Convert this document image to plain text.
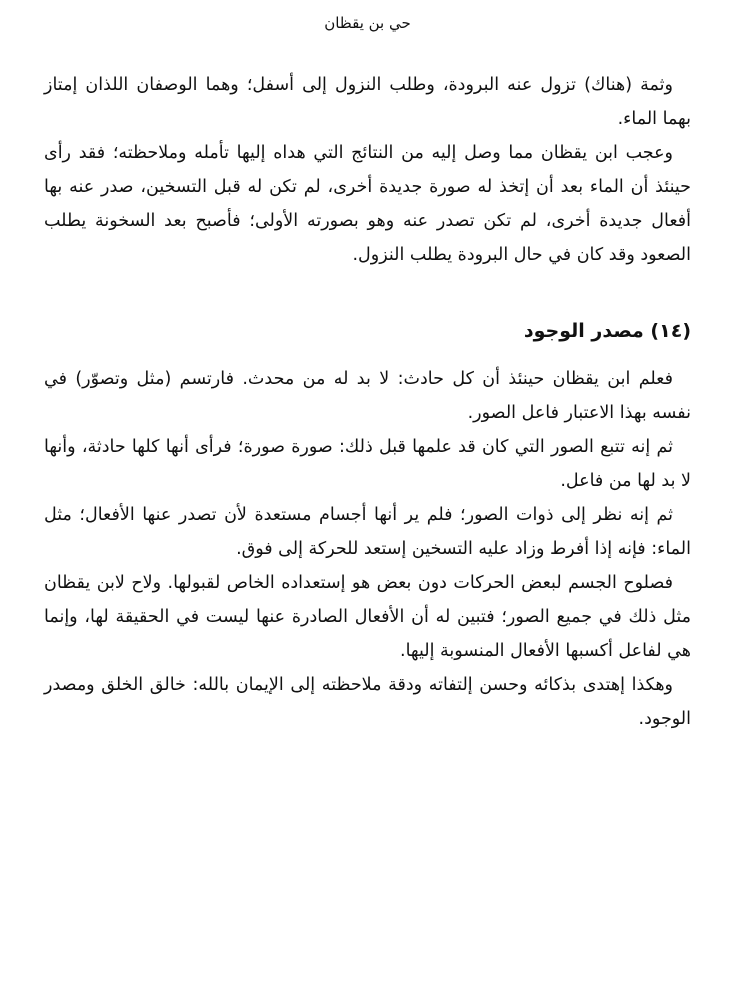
حي بن يقظان

وثمة (هناك) تزول عنه البرودة، وطلب النزول إلى أسفل؛ وهما الوصفان اللذان إمتاز بهما الماء.

وعجب ابن يقظان مما وصل إليه من النتائج التي هداه إليها تأمله وملاحظته؛ فقد رأى حينئذ أن الماء بعد أن إتخذ له صورة جديدة أخرى، لم تكن له قبل التسخين، صدر عنه بها أفعال جديدة أخرى، لم تكن تصدر عنه وهو بصورته الأولى؛ فأصبح بعد السخونة يطلب الصعود وقد كان في حال البرودة يطلب النزول.

(١٤) مصدر الوجود

فعلم ابن يقظان حينئذ أن كل حادث: لا بد له من محدث. فارتسم (مثل وتصوّر) في نفسه بهذا الاعتبار فاعل الصور.

ثم إنه تتبع الصور التي كان قد علمها قبل ذلك: صورة صورة؛ فرأى أنها كلها حادثة، وأنها لا بد لها من فاعل.

ثم إنه نظر إلى ذوات الصور؛ فلم ير أنها أجسام مستعدة لأن تصدر عنها الأفعال؛ مثل الماء: فإنه إذا أفرط وزاد عليه التسخين إستعد للحركة إلى فوق.

فصلوح الجسم لبعض الحركات دون بعض هو إستعداده الخاص لقبولها. ولاح لابن يقظان مثل ذلك في جميع الصور؛ فتبين له أن الأفعال الصادرة عنها ليست في الحقيقة لها، وإنما هي لفاعل أكسبها الأفعال المنسوبة إليها.

وهكذا إهتدى بذكائه وحسن إلتفاته ودقة ملاحظته إلى الإيمان بالله: خالق الخلق ومصدر الوجود.
